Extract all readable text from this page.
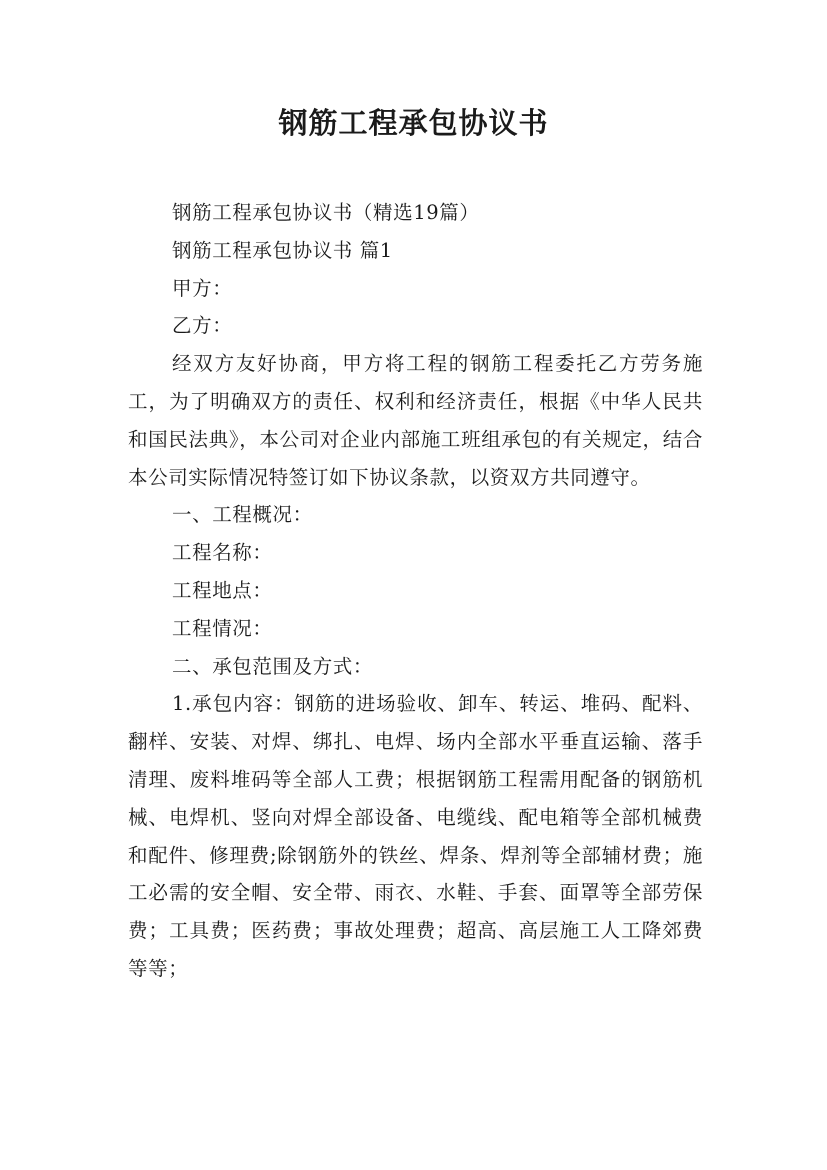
钢筋工程承包协议书

钢筋工程承包协议书（精选19篇）

钢筋工程承包协议书 篇1

甲方：

乙方：

经双方友好协商，甲方将工程的钢筋工程委托乙方劳务施工，为了明确双方的责任、权利和经济责任，根据《中华人民共和国民法典》，本公司对企业内部施工班组承包的有关规定，结合本公司实际情况特签订如下协议条款，以资双方共同遵守。

一、工程概况：

工程名称：

工程地点：

工程情况：

二、承包范围及方式：

1.承包内容：钢筋的进场验收、卸车、转运、堆码、配料、翻样、安装、对焊、绑扎、电焊、场内全部水平垂直运输、落手清理、废料堆码等全部人工费；根据钢筋工程需用配备的钢筋机械、电焊机、竖向对焊全部设备、电缆线、配电箱等全部机械费和配件、修理费;除钢筋外的铁丝、焊条、焊剂等全部辅材费；施工必需的安全帽、安全带、雨衣、水鞋、手套、面罩等全部劳保费；工具费；医药费；事故处理费；超高、高层施工人工降郊费等等；
